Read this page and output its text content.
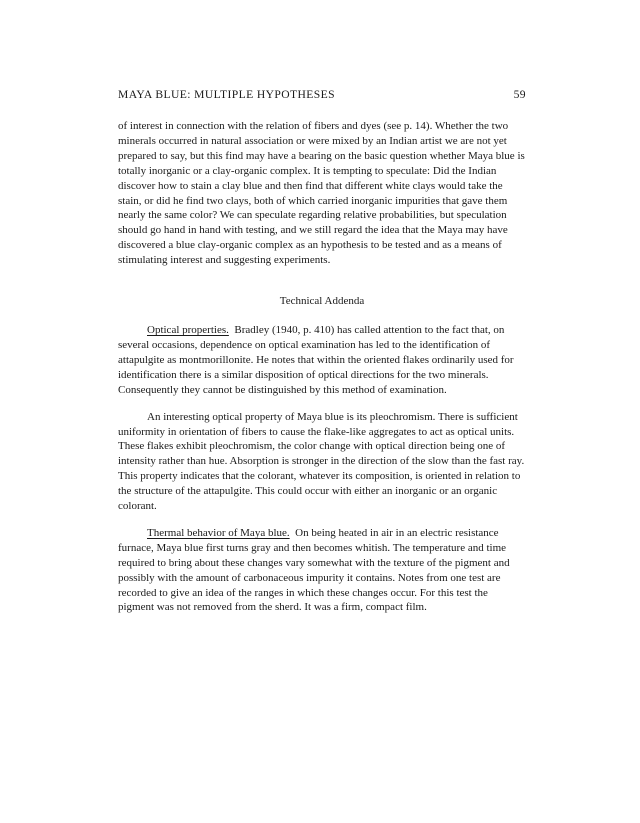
MAYA BLUE: MULTIPLE HYPOTHESES	59

of interest in connection with the relation of fibers and dyes (see p. 14). Whether the two minerals occurred in natural association or were mixed by an Indian artist we are not yet prepared to say, but this find may have a bearing on the basic question whether Maya blue is totally inorganic or a clay-organic complex. It is tempting to speculate: Did the Indian discover how to stain a clay blue and then find that different white clays would take the stain, or did he find two clays, both of which carried inorganic impurities that gave them nearly the same color? We can speculate regarding relative probabilities, but speculation should go hand in hand with testing, and we still regard the idea that the Maya may have discovered a blue clay-organic complex as an hypothesis to be tested and as a means of stimulating interest and suggesting experiments.

Technical Addenda

Optical properties. Bradley (1940, p. 410) has called attention to the fact that, on several occasions, dependence on optical examination has led to the identification of attapulgite as montmorillonite. He notes that within the oriented flakes ordinarily used for identification there is a similar disposition of optical directions for the two minerals. Consequently they cannot be distinguished by this method of examination.

An interesting optical property of Maya blue is its pleochromism. There is sufficient uniformity in orientation of fibers to cause the flake-like aggregates to act as optical units. These flakes exhibit pleochromism, the color change with optical direction being one of intensity rather than hue. Absorption is stronger in the direction of the slow than the fast ray. This property indicates that the colorant, whatever its composition, is oriented in relation to the structure of the attapulgite. This could occur with either an inorganic or an organic colorant.

Thermal behavior of Maya blue. On being heated in air in an electric resistance furnace, Maya blue first turns gray and then becomes whitish. The temperature and time required to bring about these changes vary somewhat with the texture of the pigment and possibly with the amount of carbonaceous impurity it contains. Notes from one test are recorded to give an idea of the ranges in which these changes occur. For this test the pigment was not removed from the sherd. It was a firm, compact film.
